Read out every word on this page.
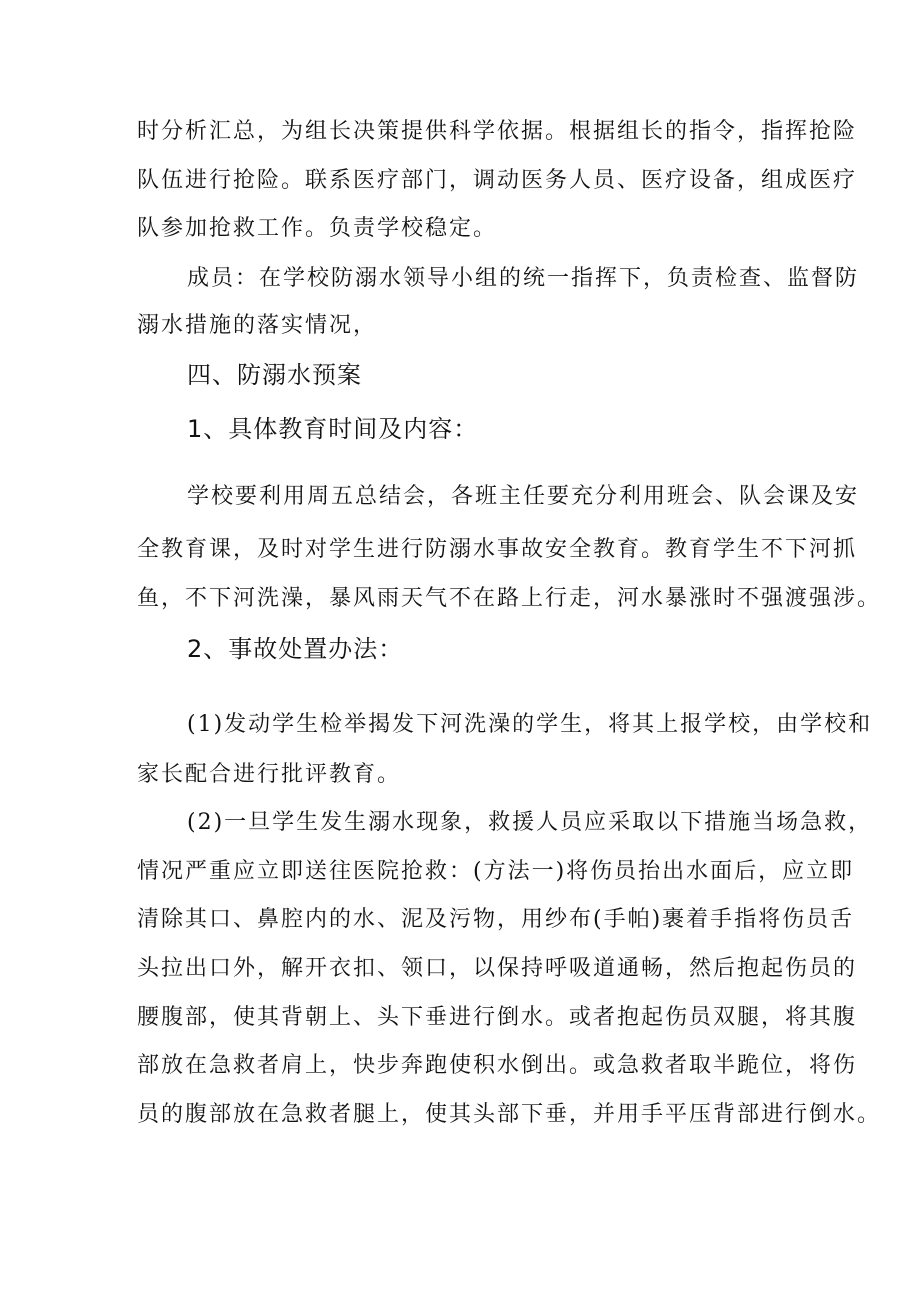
时分析汇总，为组长决策提供科学依据。根据组长的指令，指挥抢险
队伍进行抢险。联系医疗部门，调动医务人员、医疗设备，组成医疗
队参加抢救工作。负责学校稳定。
成员：在学校防溺水领导小组的统一指挥下，负责检查、监督防
溺水措施的落实情况，
四、防溺水预案
1、具体教育时间及内容：
学校要利用周五总结会，各班主任要充分利用班会、队会课及安
全教育课，及时对学生进行防溺水事故安全教育。教育学生不下河抓
鱼，不下河洗澡，暴风雨天气不在路上行走，河水暴涨时不强渡强涉。
2、事故处置办法：
(1)发动学生检举揭发下河洗澡的学生，将其上报学校，由学校和
家长配合进行批评教育。
(2)一旦学生发生溺水现象，救援人员应采取以下措施当场急救，
情况严重应立即送往医院抢救：(方法一)将伤员抬出水面后，应立即
清除其口、鼻腔内的水、泥及污物，用纱布(手帕)裹着手指将伤员舌
头拉出口外，解开衣扣、领口，以保持呼吸道通畅，然后抱起伤员的
腰腹部，使其背朝上、头下垂进行倒水。或者抱起伤员双腿，将其腹
部放在急救者肩上，快步奔跑使积水倒出。或急救者取半跪位，将伤
员的腹部放在急救者腿上，使其头部下垂，并用手平压背部进行倒水。
